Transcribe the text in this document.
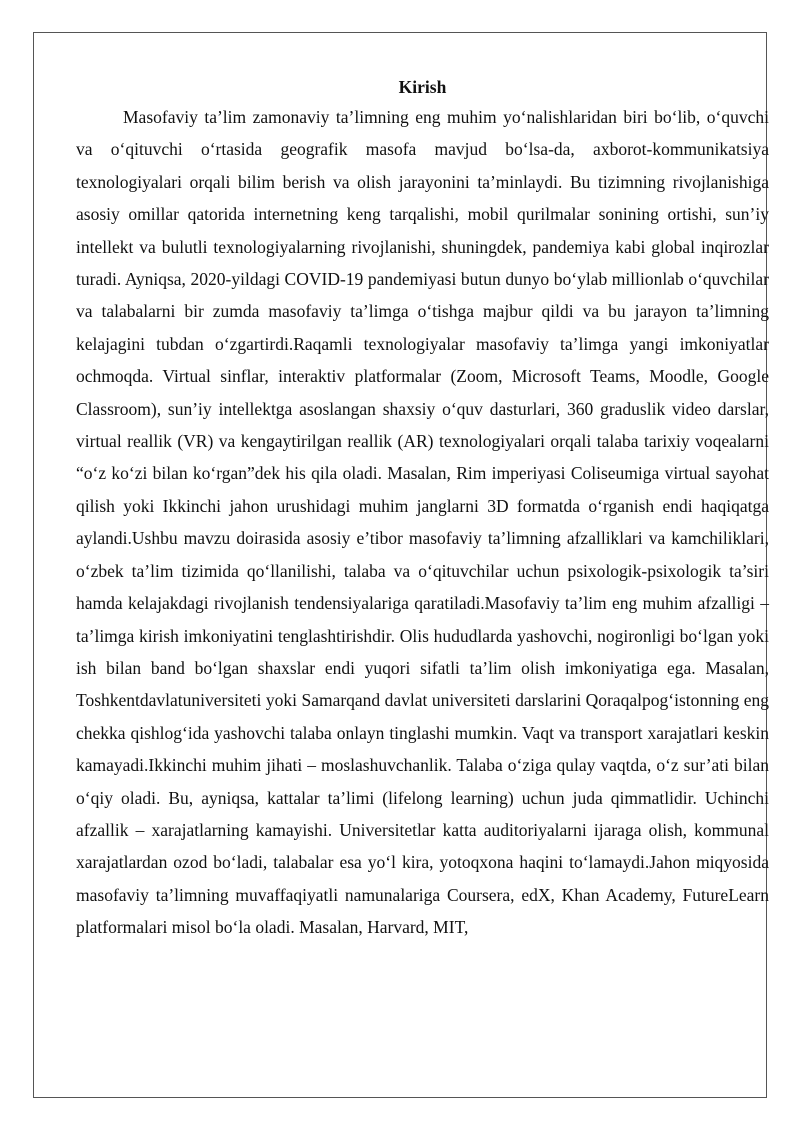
Kirish

Masofaviy ta’lim zamonaviy ta’limning eng muhim yo‘nalishlaridan biri bo‘lib, o‘quvchi va o‘qituvchi o‘rtasida geografik masofa mavjud bo‘lsa-da, axborot-kommunikatsiya texnologiyalari orqali bilim berish va olish jarayonini ta’minlaydi. Bu tizimning rivojlanishiga asosiy omillar qatorida internetning keng tarqalishi, mobil qurilmalar sonining ortishi, sun’iy intellekt va bulutli texnologiyalarning rivojlanishi, shuningdek, pandemiya kabi global inqirozlar turadi. Ayniqsa, 2020-yildagi COVID-19 pandemiyasi butun dunyo bo‘ylab millionlab o‘quvchilar va talabalarni bir zumda masofaviy ta’limga o‘tishga majbur qildi va bu jarayon ta’limning kelajagini tubdan o‘zgartirdi.Raqamli texnologiyalar masofaviy ta’limga yangi imkoniyatlar ochmoqda. Virtual sinflar, interaktiv platformalar (Zoom, Microsoft Teams, Moodle, Google Classroom), sun’iy intellektga asoslangan shaxsiy o‘quv dasturlari, 360 graduslik video darslar, virtual reallik (VR) va kengaytirilgan reallik (AR) texnologiyalari orqali talaba tarixiy voqealarni “o‘z ko‘zi bilan ko‘rgan”dek his qila oladi. Masalan, Rim imperiyasi Coliseumiga virtual sayohat qilish yoki Ikkinchi jahon urushidagi muhim janglarni 3D formatda o‘rganish endi haqiqatga aylandi.Ushbu mavzu doirasida asosiy e’tibor masofaviy ta’limning afzalliklari va kamchiliklari, o‘zbek ta’lim tizimida qo‘llanilishi, talaba va o‘qituvchilar uchun psixologik-psixologik ta’siri hamda kelajakdagi rivojlanish tendensiyalariga qaratiladi.Masofaviy ta’lim eng muhim afzalligi – ta’limga kirish imkoniyatini tenglashtirishdir. Olis hududlarda yashovchi, nogironligi bo‘lgan yoki ish bilan band bo‘lgan shaxslar endi yuqori sifatli ta’lim olish imkoniyatiga ega. Masalan, Toshkentdavlatuniversiteti yoki Samarqand davlat universiteti darslarini Qoraqalpog‘istonning eng chekka qishlog‘ida yashovchi talaba onlayn tinglashi mumkin. Vaqt va transport xarajatlari keskin kamayadi.Ikkinchi muhim jihati – moslashuvchanlik. Talaba o‘ziga qulay vaqtda, o‘z sur’ati bilan o‘qiy oladi. Bu, ayniqsa, kattalar ta’limi (lifelong learning) uchun juda qimmatlidir. Uchinchi afzallik – xarajatlarning kamayishi. Universitetlar katta auditoriyalarni ijaraga olish, kommunal xarajatlardan ozod bo‘ladi, talabalar esa yo‘l kira, yotoqxona haqini to‘lamaydi.Jahon miqyosida masofaviy ta’limning muvaffaqiyatli namunalariga Coursera, edX, Khan Academy, FutureLearn platformalari misol bo‘la oladi. Masalan, Harvard, MIT,
